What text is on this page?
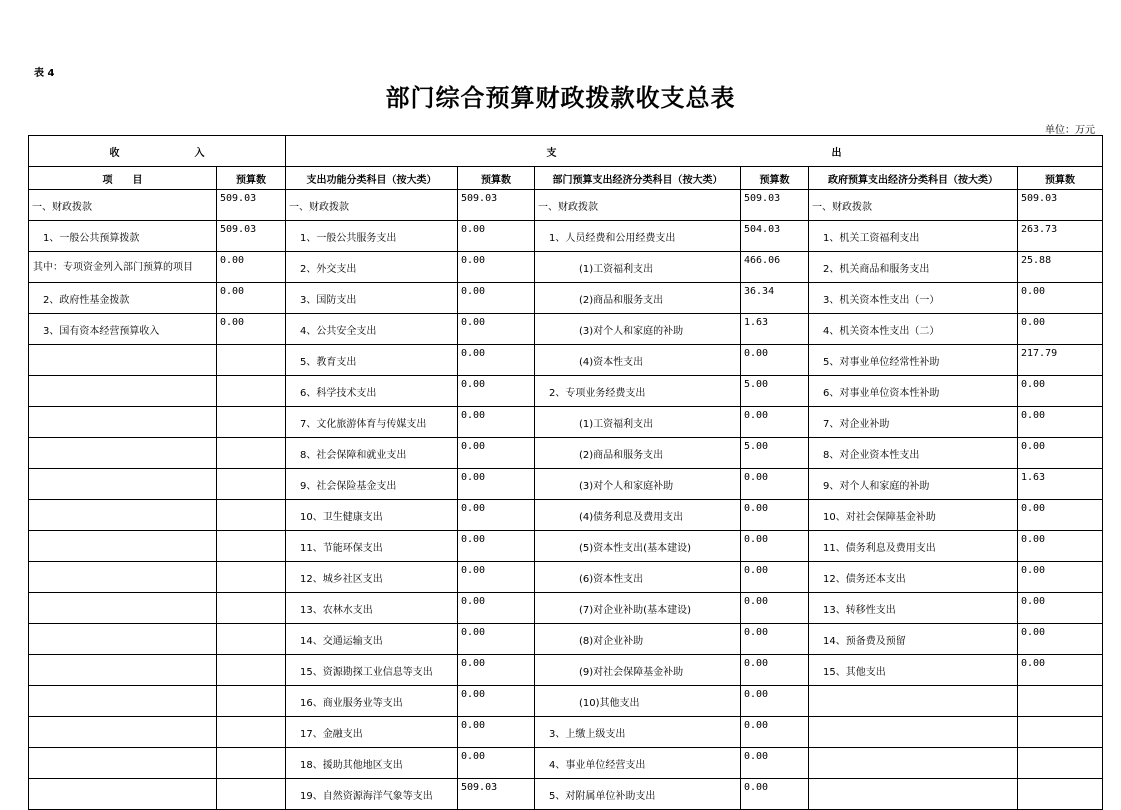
表 4
部门综合预算财政拨款收支总表
单位：万元
收 入		支 出					

项　　目	预算数	支出功能分类科目（按大类）	预算数	部门预算支出经济分类科目（按大类）	预算数	政府预算支出经济分类科目（按大类）	预算数
一、财政拨款	509.03	一、财政拨款	509.03	一、财政拨款	509.03	一、财政拨款	509.03
1、一般公共预算拨款	509.03	1、一般公共服务支出	0.00	1、人员经费和公用经费支出	504.03	1、机关工资福利支出	263.73
其中：专项资金列入部门预算的项目	0.00	2、外交支出	0.00	(1)工资福利支出	466.06	2、机关商品和服务支出	25.88
2、政府性基金拨款	0.00	3、国防支出	0.00	(2)商品和服务支出	36.34	3、机关资本性支出（一）	0.00
3、国有资本经营预算收入	0.00	4、公共安全支出	0.00	(3)对个人和家庭的补助	1.63	4、机关资本性支出（二）	0.00
		5、教育支出	0.00	(4)资本性支出	0.00	5、对事业单位经常性补助	217.79
		6、科学技术支出	0.00	2、专项业务经费支出	5.00	6、对事业单位资本性补助	0.00
		7、文化旅游体育与传媒支出	0.00	(1)工资福利支出	0.00	7、对企业补助	0.00
		8、社会保障和就业支出	0.00	(2)商品和服务支出	5.00	8、对企业资本性支出	0.00
		9、社会保险基金支出	0.00	(3)对个人和家庭补助	0.00	9、对个人和家庭的补助	1.63
		10、卫生健康支出	0.00	(4)债务利息及费用支出	0.00	10、对社会保障基金补助	0.00
		11、节能环保支出	0.00	(5)资本性支出(基本建设)	0.00	11、债务利息及费用支出	0.00
		12、城乡社区支出	0.00	(6)资本性支出	0.00	12、债务还本支出	0.00
		13、农林水支出	0.00	(7)对企业补助(基本建设)	0.00	13、转移性支出	0.00
		14、交通运输支出	0.00	(8)对企业补助	0.00	14、预备费及预留	0.00
		15、资源勘探工业信息等支出	0.00	(9)对社会保障基金补助	0.00	15、其他支出	0.00
		16、商业服务业等支出	0.00	(10)其他支出	0.00		
		17、金融支出	0.00	3、上缴上级支出	0.00		
		18、援助其他地区支出	0.00	4、事业单位经营支出	0.00		
		19、自然资源海洋气象等支出	509.03	5、对附属单位补助支出	0.00		
